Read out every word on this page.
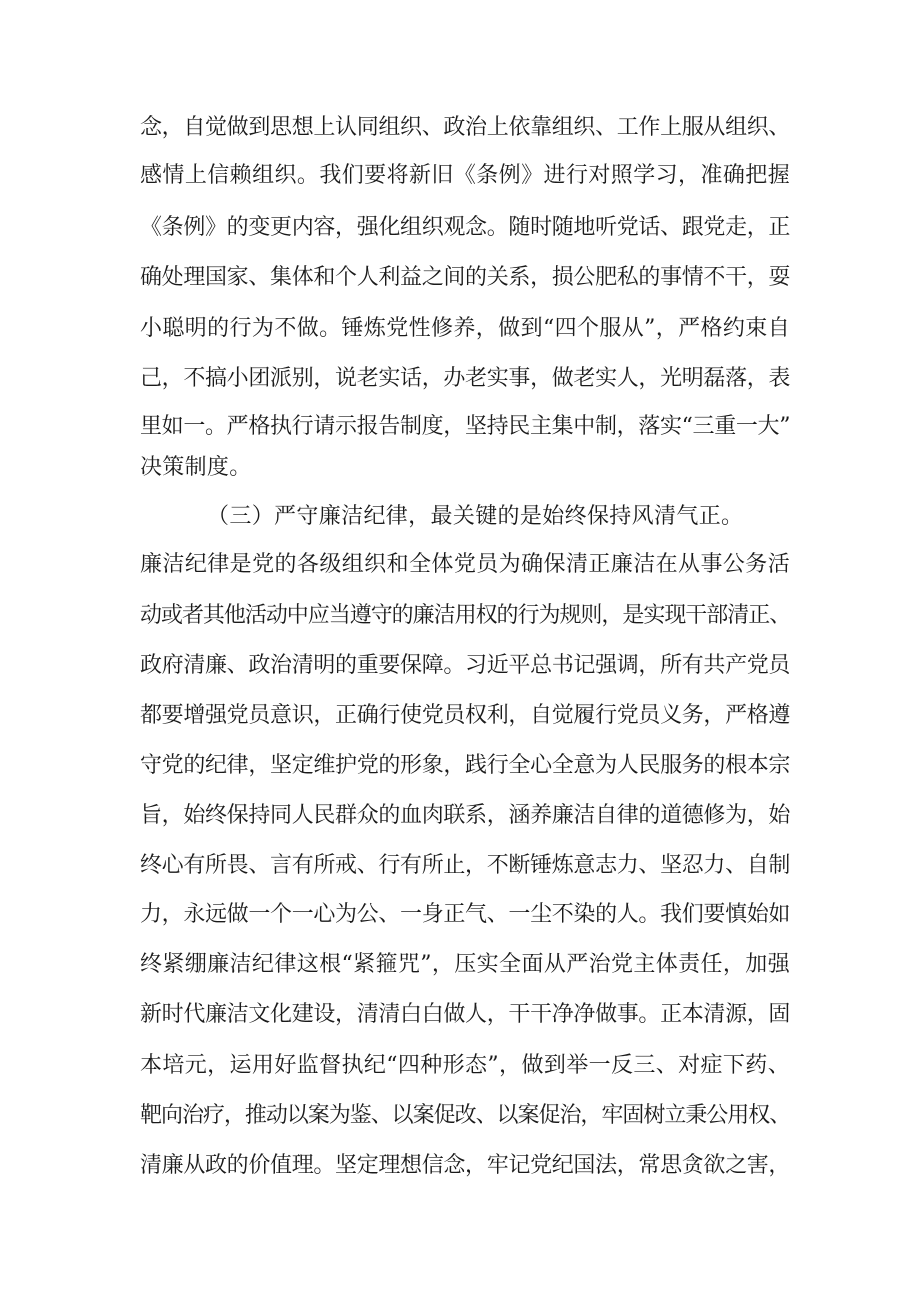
念，自觉做到思想上认同组织、政治上依靠组织、工作上服从组织、
感情上信赖组织。我们要将新旧《条例》进行对照学习，准确把握
《条例》的变更内容，强化组织观念。随时随地听党话、跟党走，正
确处理国家、集体和个人利益之间的关系，损公肥私的事情不干，耍
小聪明的行为不做。锤炼党性修养，做到“四个服从”，严格约束自
己，不搞小团派别，说老实话，办老实事，做老实人，光明磊落，表
里如一。严格执行请示报告制度，坚持民主集中制，落实“三重一大”
决策制度。
（三）严守廉洁纪律，最关键的是始终保持风清气正。
廉洁纪律是党的各级组织和全体党员为确保清正廉洁在从事公务活
动或者其他活动中应当遵守的廉洁用权的行为规则，是实现干部清正、
政府清廉、政治清明的重要保障。习近平总书记强调，所有共产党员
都要增强党员意识，正确行使党员权利，自觉履行党员义务，严格遵
守党的纪律，坚定维护党的形象，践行全心全意为人民服务的根本宗
旨，始终保持同人民群众的血肉联系，涵养廉洁自律的道德修为，始
终心有所畏、言有所戒、行有所止，不断锤炼意志力、坚忍力、自制
力，永远做一个一心为公、一身正气、一尘不染的人。我们要慎始如
终紧绷廉洁纪律这根“紧箍咒”，压实全面从严治党主体责任，加强
新时代廉洁文化建设，清清白白做人，干干净净做事。正本清源，固
本培元，运用好监督执纪“四种形态”，做到举一反三、对症下药、
靶向治疗，推动以案为鉴、以案促改、以案促治，牢固树立秉公用权、
清廉从政的价值理。坚定理想信念，牢记党纪国法，常思贪欲之害，
